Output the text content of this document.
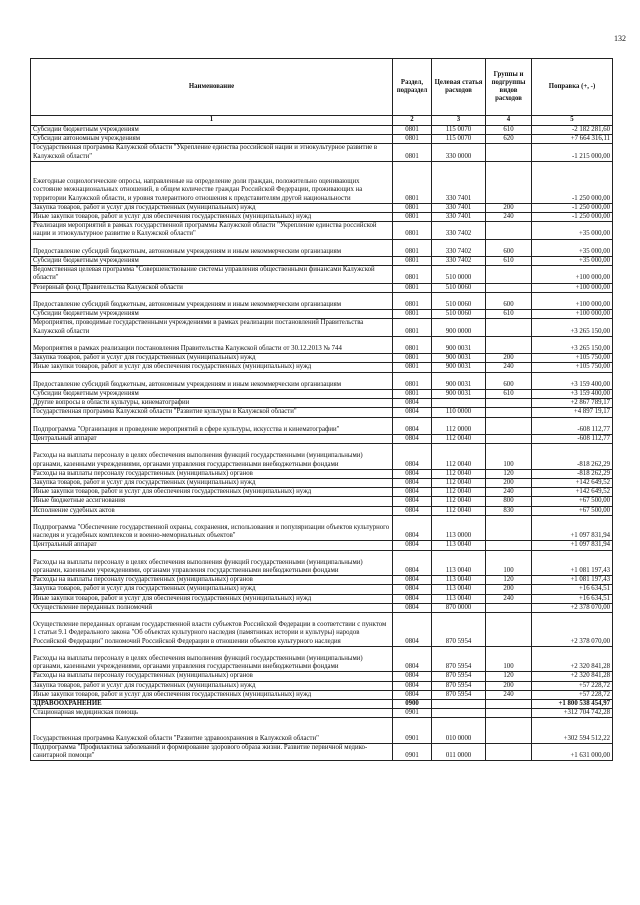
132
Наименование	Раздел, подраздел	Целевая статья расходов	Группы и подгруппы видов расходов	Поправка (+, -)
1	2	3	4	5
Субсидии бюджетным учреждениям	0801	115 0070	610	-2 182 281,60
Субсидии автономным учреждениям	0801	115 0070	620	+7 664 316,11
Государственная программа Калужской области "Укрепление единства российской нации и этнокультурное развитие в Калужской области"	0801	330 0000		-1 215 000,00
Ежегодные социологические опросы, направленные на определение доли граждан, положительно оценивающих состояние межнациональных отношений, в общем количестве граждан Российской Федерации, проживающих на территории Калужской области, и уровня толерантного отношения к представителям другой национальности	0801	330 7401		-1 250 000,00
Закупка товаров, работ и услуг для государственных (муниципальных) нужд	0801	330 7401	200	-1 250 000,00
Иные закупки товаров, работ и услуг для обеспечения государственных (муниципальных) нужд	0801	330 7401	240	-1 250 000,00
Реализация мероприятий в рамках государственной программы Калужской области "Укрепление единства российской нации и этнокультурное развитие в Калужской области"	0801	330 7402		+35 000,00
Предоставление субсидий бюджетным, автономным учреждениям и иным некоммерческим организациям	0801	330 7402	600	+35 000,00
Субсидии бюджетным учреждениям	0801	330 7402	610	+35 000,00
Ведомственная целевая программа "Совершенствование системы управления общественными финансами Калужской области"	0801	510 0000		+100 000,00
Резервный фонд Правительства Калужской области	0801	510 0060		+100 000,00
Предоставление субсидий бюджетным, автономным учреждениям и иным некоммерческим организациям	0801	510 0060	600	+100 000,00
Субсидии бюджетным учреждениям	0801	510 0060	610	+100 000,00
Мероприятия, проводимые государственными учреждениями в рамках реализации постановлений Правительства Калужской области	0801	900 0000		+3 265 150,00
Мероприятия в рамках реализации постановления Правительства Калужской области от 30.12.2013 № 744	0801	900 0031		+3 265 150,00
Закупка товаров, работ и услуг для государственных (муниципальных) нужд	0801	900 0031	200	+105 750,00
Иные закупки товаров, работ и услуг для обеспечения государственных (муниципальных) нужд	0801	900 0031	240	+105 750,00
Предоставление субсидий бюджетным, автономным учреждениям и иным некоммерческим организациям	0801	900 0031	600	+3 159 400,00
Субсидии бюджетным учреждениям	0801	900 0031	610	+3 159 400,00
Другие вопросы в области культуры, кинематографии	0804			+2 867 789,17
Государственная программа Калужской области "Развитие культуры в Калужской области"	0804	110 0000		+4 897 19,17
Подпрограмма "Организация и проведение мероприятий в сфере культуры, искусства и кинематографии"	0804	112 0000		-608 112,77
Центральный аппарат	0804	112 0040		-608 112,77
Расходы на выплаты персоналу в целях обеспечения выполнения функций государственными (муниципальными) органами, казенными учреждениями, органами управления государственными внебюджетными фондами	0804	112 0040	100	-818 262,29
Расходы на выплаты персоналу государственных (муниципальных) органов	0804	112 0040	120	-818 262,29
Закупка товаров, работ и услуг для государственных (муниципальных) нужд	0804	112 0040	200	+142 649,52
Иные закупки товаров, работ и услуг для обеспечения государственных (муниципальных) нужд	0804	112 0040	240	+142 649,52
Иные бюджетные ассигнования	0804	112 0040	800	+67 500,00
Исполнение судебных актов	0804	112 0040	830	+67 500,00
Подпрограмма "Обеспечение государственной охраны, сохранения, использования и популяризации объектов культурного наследия и усадебных комплексов и военно-мемориальных объектов"	0804	113 0000		+1 097 831,94
Центральный аппарат	0804	113 0040		+1 097 831,94
Расходы на выплаты персоналу в целях обеспечения выполнения функций государственными (муниципальными) органами, казенными учреждениями, органами управления государственными внебюджетными фондами	0804	113 0040	100	+1 081 197,43
Расходы на выплаты персоналу государственных (муниципальных) органов	0804	113 0040	120	+1 081 197,43
Закупка товаров, работ и услуг для государственных (муниципальных) нужд	0804	113 0040	200	+16 634,51
Иные закупки товаров, работ и услуг для обеспечения государственных (муниципальных) нужд	0804	113 0040	240	+16 634,51
Осуществление переданных полномочий	0804	870 0000		+2 378 070,00
Осуществление переданных органам государственной власти субъектов Российской Федерации в соответствии с пунктом 1 статьи 9.1 Федерального закона "Об объектах культурного наследия (памятниках истории и культуры) народов Российской Федерации" полномочий Российской Федерации в отношении объектов культурного наследия	0804	870 5954		+2 378 070,00
Расходы на выплаты персоналу в целях обеспечения выполнения функций государственными (муниципальными) органами, казенными учреждениями, органами управления государственными внебюджетными фондами	0804	870 5954	100	+2 320 841,28
Расходы на выплаты персоналу государственных (муниципальных) органов	0804	870 5954	120	+2 320 841,28
Закупка товаров, работ и услуг для государственных (муниципальных) нужд	0804	870 5954	200	+57 228,72
Иные закупки товаров, работ и услуг для обеспечения государственных (муниципальных) нужд	0804	870 5954	240	+57 228,72
ЗДРАВООХРАНЕНИЕ	0900			+1 800 538 454,97
Стационарная медицинская помощь	0901			+312 704 742,28
Государственная программа Калужской области "Развитие здравоохранения в Калужской области"	0901	010 0000		+302 594 512,22
Подпрограмма "Профилактика заболеваний и формирование здорового образа жизни. Развитие первичной медико-санитарной помощи"	0901	011 0000		+1 631 000,00
